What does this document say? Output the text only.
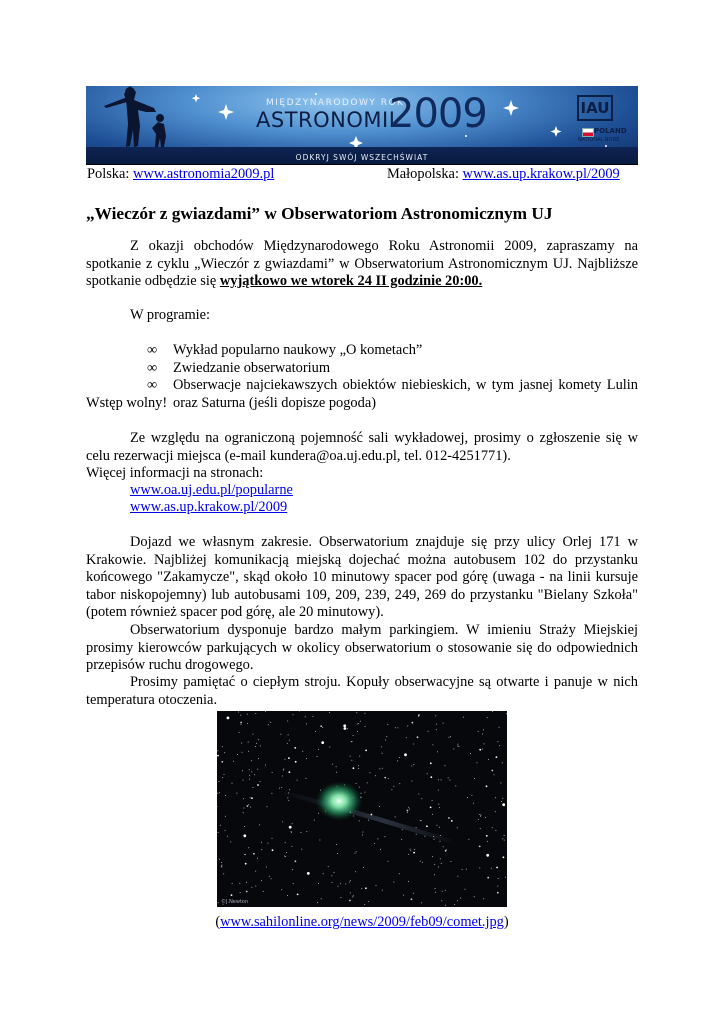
MIĘDZYNARODOWY ROK
ASTRONOMII
2009	IAU
POLAND
NATIONAL NODE
ODKRYJ SWÓJ WSZECHŚWIAT
Polska: www.astronomia2009.pl	Małopolska: www.as.up.krakow.pl/2009
„Wieczór z gwiazdami” w Obserwatoriom Astronomicznym UJ

Z okazji obchodów Międzynarodowego Roku Astronomii 2009, zapraszamy na spotkanie z cyklu „Wieczór z gwiazdami” w Obserwatorium Astronomicznym UJ. Najbliższe spotkanie odbędzie się wyjątkowo we wtorek 24 II godzinie 20:00.

W programie:
∞ Wykład popularno naukowy „O kometach”
∞ Zwiedzanie obserwatorium
∞ Obserwacje najciekawszych obiektów niebieskich, w tym jasnej komety Lulin oraz Saturna (jeśli dopisze pogoda)
Wstęp wolny!

Ze względu na ograniczoną pojemność sali wykładowej, prosimy o zgłoszenie się w celu rezerwacji miejsca (e-mail kundera@oa.uj.edu.pl, tel. 012-4251771).

Więcej informacji na stronach:
www.oa.uj.edu.pl/popularne
www.as.up.krakow.pl/2009

Dojazd we własnym zakresie. Obserwatorium znajduje się przy ulicy Orlej 171 w Krakowie. Najbliżej komunikacją miejską dojechać można autobusem 102 do przystanku końcowego "Zakamycze", skąd około 10 minutowy spacer pod górę (uwaga - na linii kursuje tabor niskopojemny) lub autobusami 109, 209, 239, 249, 269 do przystanku "Bielany Szkoła" (potem również spacer pod górę, ale 20 minutowy).

Obserwatorium dysponuje bardzo małym parkingiem. W imieniu Straży Miejskiej prosimy kierowców parkujących w okolicy obserwatorium o stosowanie się do odpowiednich przepisów ruchu drogowego.

Prosimy pamiętać o ciepłym stroju. Kopuły obserwacyjne są otwarte i panuje w nich temperatura otoczenia.

©J.Newton
(www.sahilonline.org/news/2009/feb09/comet.jpg)
